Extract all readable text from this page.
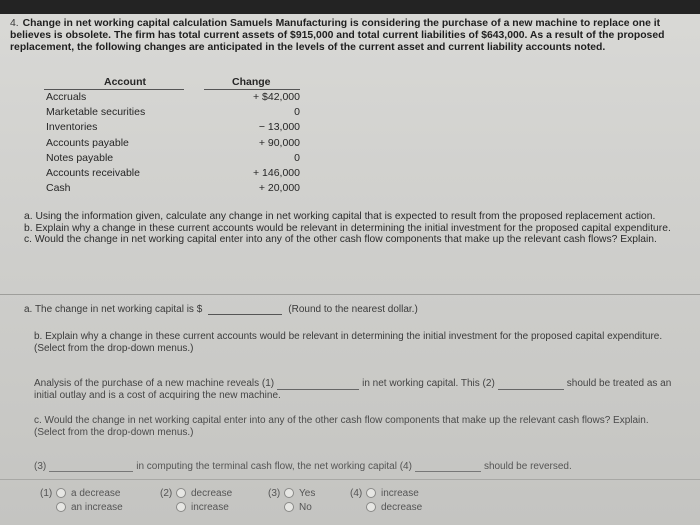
4. Change in net working capital calculation Samuels Manufacturing is considering the purchase of a new machine to replace one it believes is obsolete. The firm has total current assets of $915,000 and total current liabilities of $643,000. As a result of the proposed replacement, the following changes are anticipated in the levels of the current asset and current liability accounts noted.
Account	Change
Accruals	+ $42,000
Marketable securities	0
Inventories	− 13,000
Accounts payable	+ 90,000
Notes payable	0
Accounts receivable	+ 146,000
Cash	+ 20,000

a. Using the information given, calculate any change in net working capital that is expected to result from the proposed replacement action.

b. Explain why a change in these current accounts would be relevant in determining the initial investment for the proposed capital expenditure.

c. Would the change in net working capital enter into any of the other cash flow components that make up the relevant cash flows? Explain.

a. The change in net working capital is $	(Round to the nearest dollar.)
b. Explain why a change in these current accounts would be relevant in determining the initial investment for the proposed capital expenditure. (Select from the drop-down menus.)
Analysis of the purchase of a new machine reveals (1)	in net working capital. This (2)	should be treated as an initial outlay and is a cost of acquiring the new machine.
c. Would the change in net working capital enter into any of the other cash flow components that make up the relevant cash flows? Explain. (Select from the drop-down menus.)
(3)	in computing the terminal cash flow, the net working capital (4)	should be reversed.
(1)	a decrease
an increase
(2)	decrease
increase
(3)	Yes
No
(4)	increase
decrease
